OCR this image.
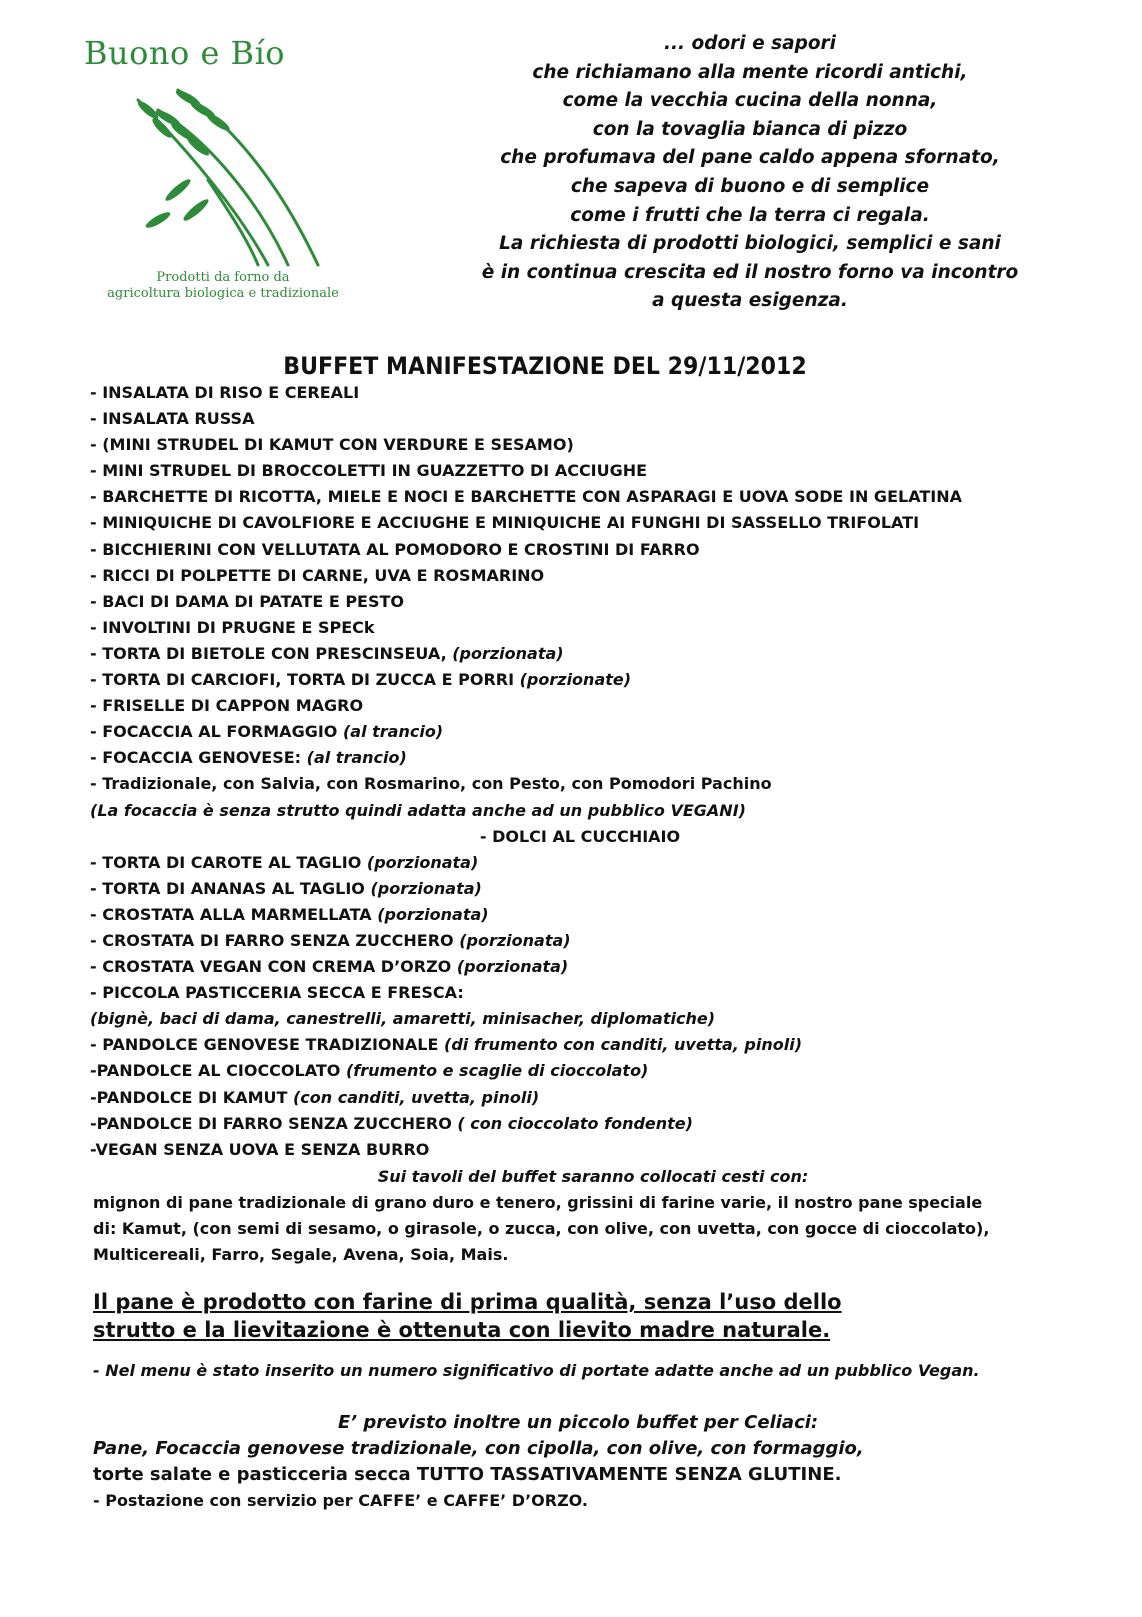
Buono e Bío
Prodotti da forno da
agricoltura biologica e tradizionale
... odori e sapori
che richiamano alla mente ricordi antichi,
come la vecchia cucina della nonna,
con la tovaglia bianca di pizzo
che profumava del pane caldo appena sfornato,
che sapeva di buono e di semplice
come i frutti che la terra ci regala.
La richiesta di prodotti biologici, semplici e sani
è in continua crescita ed il nostro forno va incontro
a questa esigenza.
BUFFET MANIFESTAZIONE DEL 29/11/2012
- INSALATA DI RISO E CEREALI
- INSALATA RUSSA
- (MINI STRUDEL DI KAMUT CON VERDURE E SESAMO)
- MINI STRUDEL DI BROCCOLETTI IN GUAZZETTO DI ACCIUGHE
- BARCHETTE DI RICOTTA, MIELE E NOCI E BARCHETTE CON ASPARAGI E UOVA SODE IN GELATINA
- MINIQUICHE DI CAVOLFIORE E ACCIUGHE E MINIQUICHE AI FUNGHI DI SASSELLO TRIFOLATI
- BICCHIERINI CON VELLUTATA AL POMODORO E CROSTINI DI FARRO
- RICCI DI POLPETTE DI CARNE, UVA E ROSMARINO
- BACI DI DAMA DI PATATE E PESTO
- INVOLTINI DI PRUGNE E SPECk
- TORTA DI BIETOLE CON PRESCINSEUA, (porzionata)
- TORTA DI CARCIOFI, TORTA DI ZUCCA E PORRI (porzionate)
- FRISELLE DI CAPPON MAGRO
- FOCACCIA AL FORMAGGIO (al trancio)
- FOCACCIA GENOVESE: (al trancio)
- Tradizionale, con Salvia, con Rosmarino, con Pesto, con Pomodori Pachino
(La focaccia è senza strutto quindi adatta anche ad un pubblico VEGANI)
- DOLCI AL CUCCHIAIO
- TORTA DI CAROTE AL TAGLIO (porzionata)
- TORTA DI ANANAS AL TAGLIO (porzionata)
- CROSTATA ALLA MARMELLATA (porzionata)
- CROSTATA DI FARRO SENZA ZUCCHERO (porzionata)
- CROSTATA VEGAN CON CREMA D’ORZO (porzionata)
- PICCOLA PASTICCERIA SECCA E FRESCA:
(bignè, baci di dama, canestrelli, amaretti, minisacher, diplomatiche)
- PANDOLCE GENOVESE TRADIZIONALE (di frumento con canditi, uvetta, pinoli)
-PANDOLCE AL CIOCCOLATO (frumento e scaglie di cioccolato)
-PANDOLCE DI KAMUT (con canditi, uvetta, pinoli)
-PANDOLCE DI FARRO SENZA ZUCCHERO ( con cioccolato fondente)
-VEGAN SENZA UOVA E SENZA BURRO
Sui tavoli del buffet saranno collocati cesti con:
mignon di pane tradizionale di grano duro e tenero, grissini di farine varie, il nostro pane speciale
di: Kamut, (con semi di sesamo, o girasole, o zucca, con olive, con uvetta, con gocce di cioccolato),
Multicereali, Farro, Segale, Avena, Soia, Mais.
Il pane è prodotto con farine di prima qualità, senza l’uso dello
strutto e la lievitazione è ottenuta con lievito madre naturale.
- Nel menu è stato inserito un numero significativo di portate adatte anche ad un pubblico Vegan.
E’ previsto inoltre un piccolo buffet per Celiaci:
Pane, Focaccia genovese tradizionale, con cipolla, con olive, con formaggio,
torte salate e pasticceria secca TUTTO TASSATIVAMENTE SENZA GLUTINE.
- Postazione con servizio per CAFFE’ e CAFFE’ D’ORZO.
